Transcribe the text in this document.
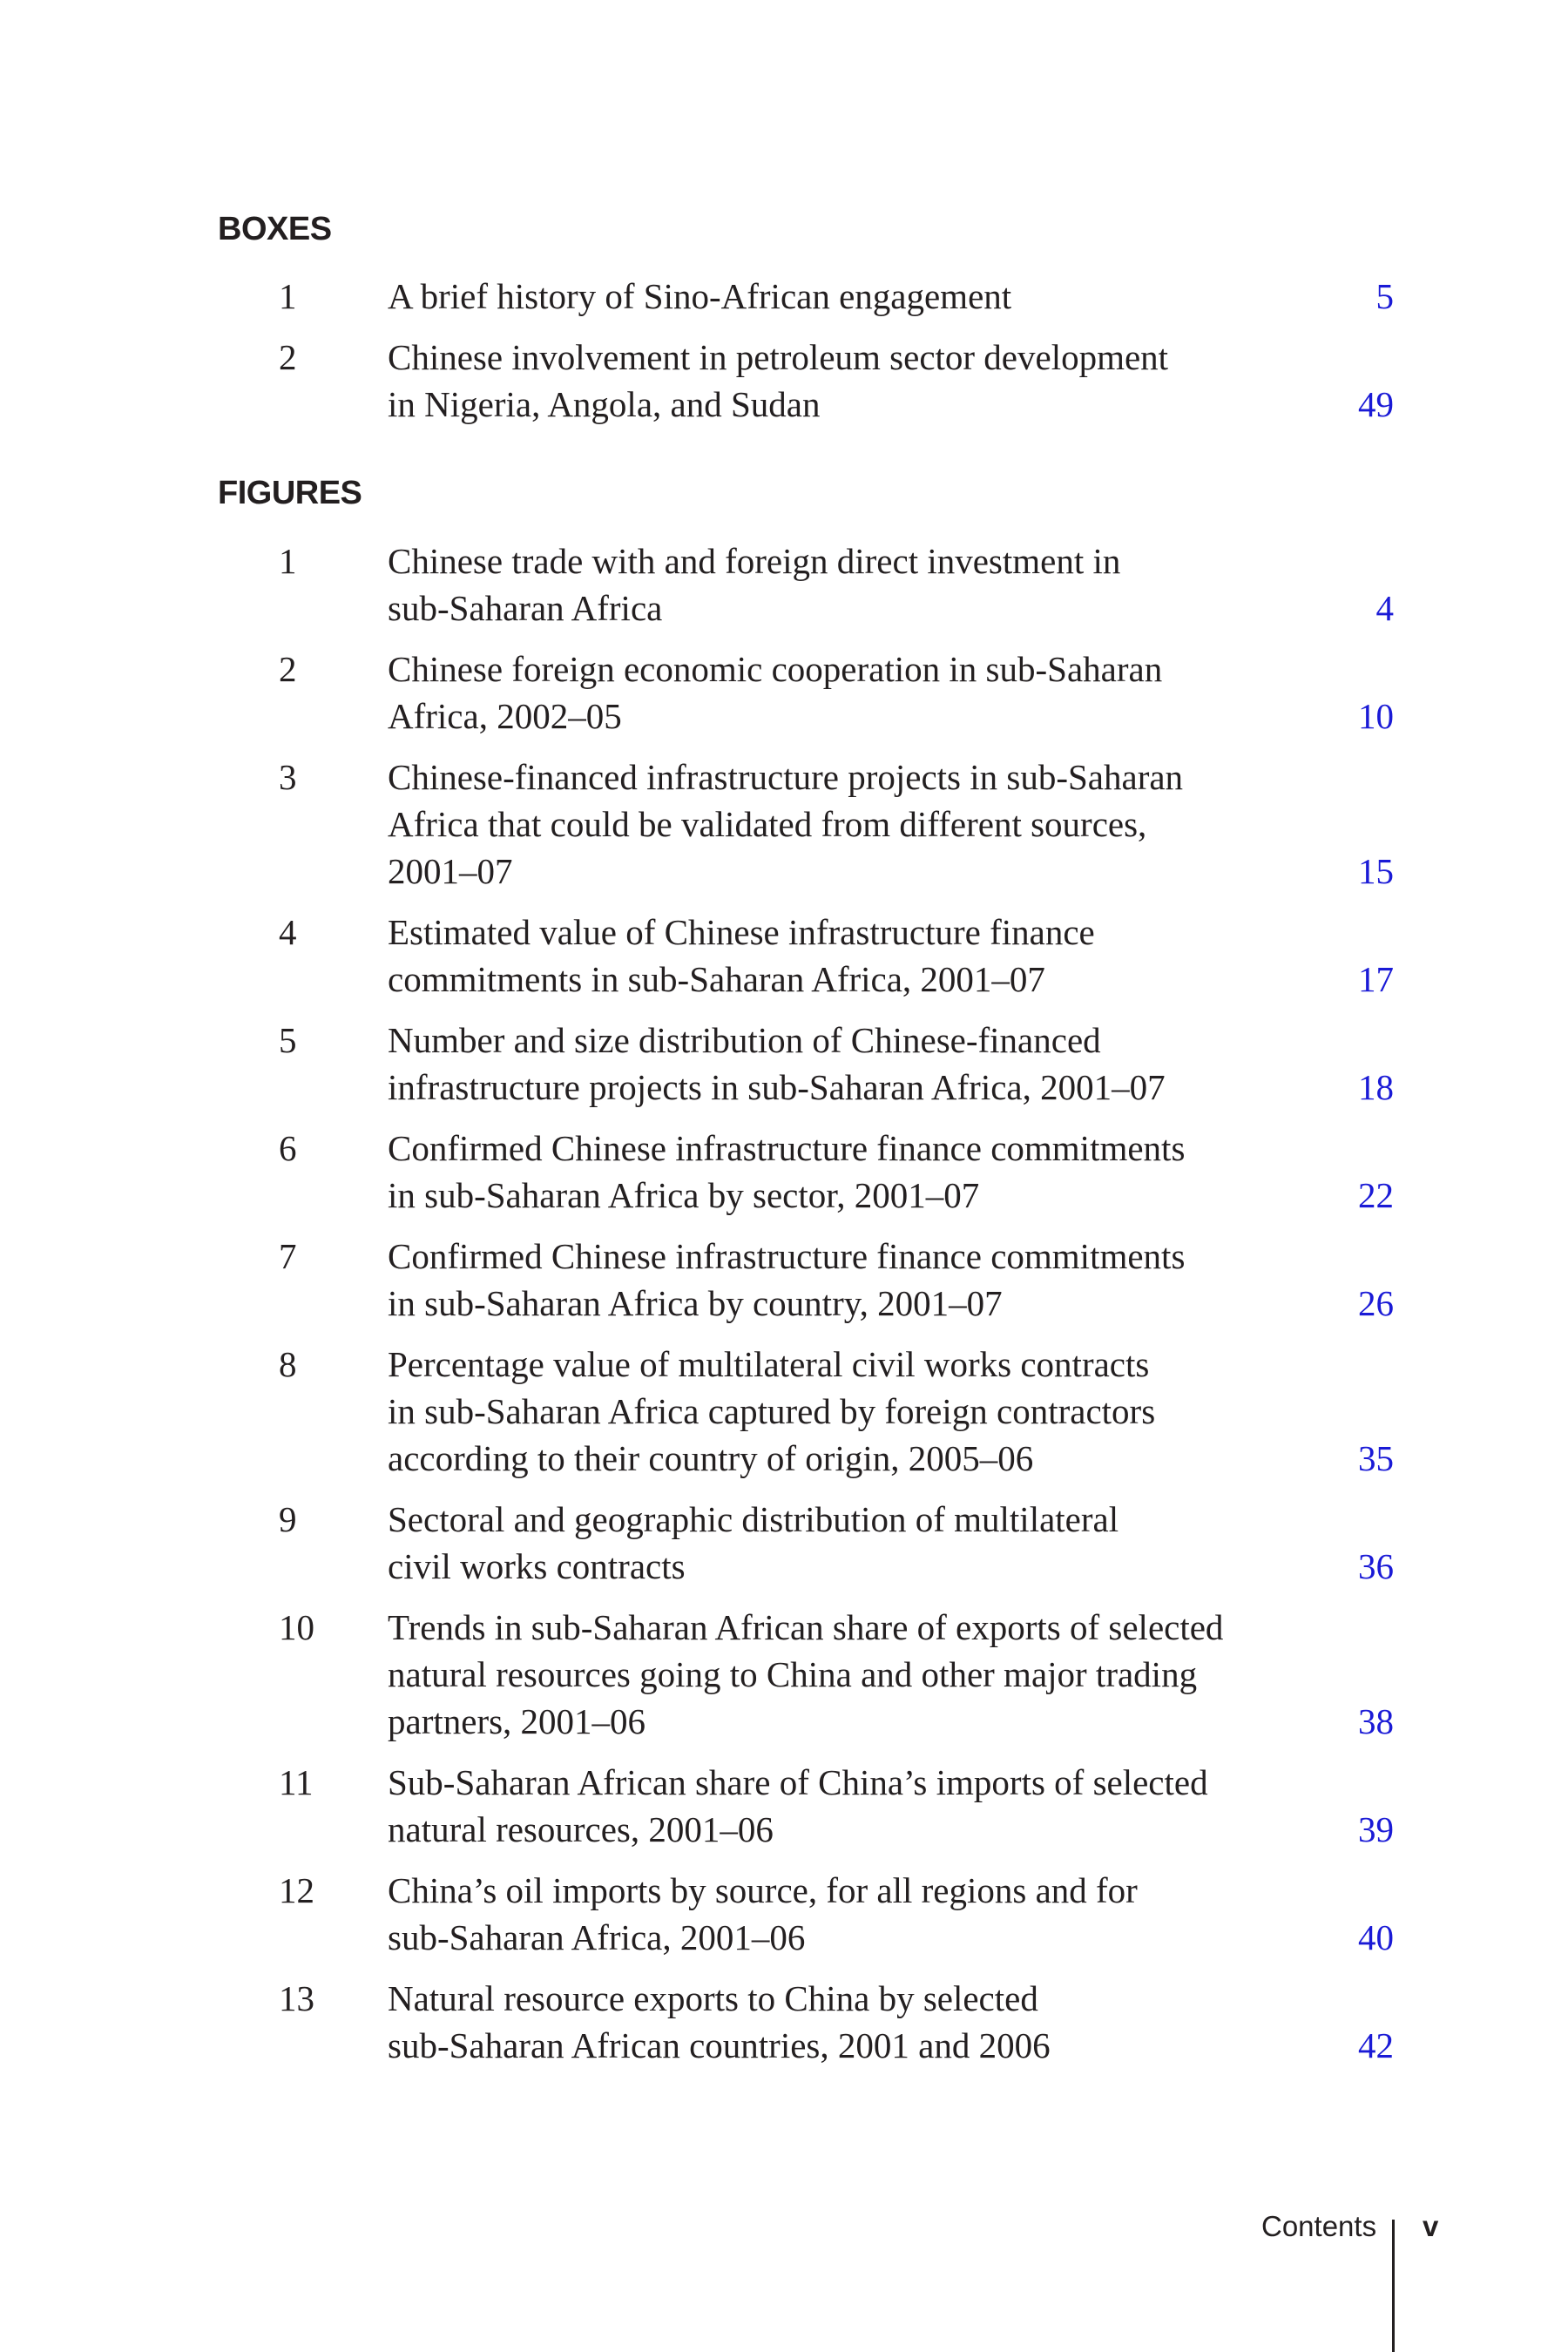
BOXES
1	A brief history of Sino-African engagement	5
2	Chinese involvement in petroleum sector development
in Nigeria, Angola, and Sudan	49
FIGURES
1	Chinese trade with and foreign direct investment in
sub-Saharan Africa	4
2	Chinese foreign economic cooperation in sub-Saharan
Africa, 2002–05	10
3	Chinese-financed infrastructure projects in sub-Saharan
Africa that could be validated from different sources,
2001–07	15
4	Estimated value of Chinese infrastructure finance
commitments in sub-Saharan Africa, 2001–07	17
5	Number and size distribution of Chinese-financed
infrastructure projects in sub-Saharan Africa, 2001–07	18
6	Confirmed Chinese infrastructure finance commitments
in sub-Saharan Africa by sector, 2001–07	22
7	Confirmed Chinese infrastructure finance commitments
in sub-Saharan Africa by country, 2001–07	26
8	Percentage value of multilateral civil works contracts
in sub-Saharan Africa captured by foreign contractors
according to their country of origin, 2005–06	35
9	Sectoral and geographic distribution of multilateral
civil works contracts	36
10	Trends in sub-Saharan African share of exports of selected
natural resources going to China and other major trading
partners, 2001–06	38
11	Sub-Saharan African share of China’s imports of selected
natural resources, 2001–06	39
12	China’s oil imports by source, for all regions and for
sub-Saharan Africa, 2001–06	40
13	Natural resource exports to China by selected
sub-Saharan African countries, 2001 and 2006	42
Contents v
